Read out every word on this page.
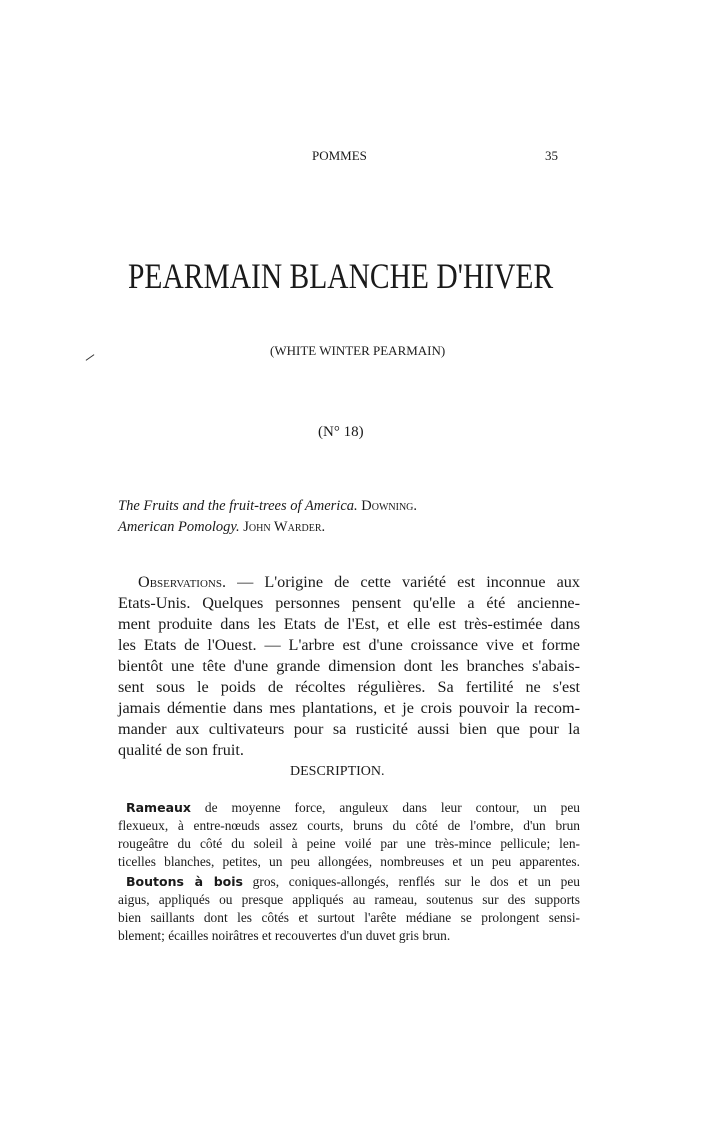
POMMES	35
PEARMAIN BLANCHE D'HIVER
(WHITE WINTER PEARMAIN)
(N° 18)
The Fruits and the fruit-trees of America. Downing.
American Pomology. John Warder.
Observations. — L'origine de cette variété est inconnue aux
Etats-Unis. Quelques personnes pensent qu'elle a été ancienne-
ment produite dans les Etats de l'Est, et elle est très-estimée dans
les Etats de l'Ouest. — L'arbre est d'une croissance vive et forme
bientôt une tête d'une grande dimension dont les branches s'abais-
sent sous le poids de récoltes régulières. Sa fertilité ne s'est
jamais démentie dans mes plantations, et je crois pouvoir la recom-
mander aux cultivateurs pour sa rusticité aussi bien que pour la
qualité de son fruit.
DESCRIPTION.
Rameaux de moyenne force, anguleux dans leur contour, un peu
flexueux, à entre-nœuds assez courts, bruns du côté de l'ombre, d'un brun
rougeâtre du côté du soleil à peine voilé par une très-mince pellicule; len-
ticelles blanches, petites, un peu allongées, nombreuses et un peu apparentes.
Boutons à bois gros, coniques-allongés, renflés sur le dos et un peu
aigus, appliqués ou presque appliqués au rameau, soutenus sur des supports
bien saillants dont les côtés et surtout l'arête médiane se prolongent sensi-
blement; écailles noirâtres et recouvertes d'un duvet gris brun.
